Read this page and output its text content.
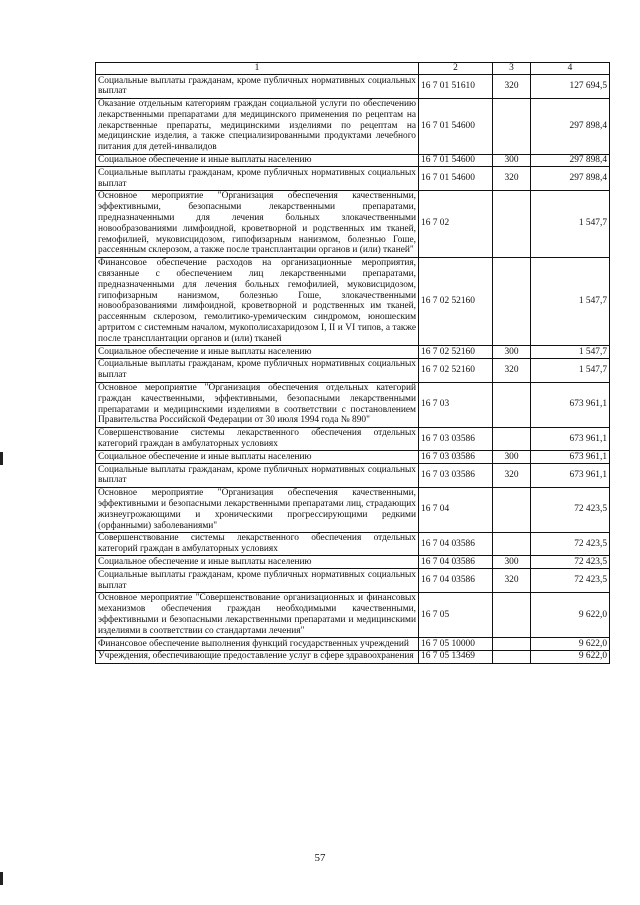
1	2	3	4
Социальные выплаты гражданам, кроме публичных нормативных социальных выплат	16 7 01 51610	320	127 694,5
Оказание отдельным категориям граждан социальной услуги по обеспечению лекарственными препаратами для медицинского применения по рецептам на лекарственные препараты, медицинскими изделиями по рецептам на медицинские изделия, а также специализированными продуктами лечебного питания для детей-инвалидов	16 7 01 54600		297 898,4
Социальное обеспечение и иные выплаты населению	16 7 01 54600	300	297 898,4
Социальные выплаты гражданам, кроме публичных нормативных социальных выплат	16 7 01 54600	320	297 898,4
Основное мероприятие "Организация обеспечения качественными, эффективными, безопасными лекарственными препаратами, предназначенными для лечения больных злокачественными новообразованиями лимфоидной, кроветворной и родственных им тканей, гемофилией, муковисцидозом, гипофизарным нанизмом, болезнью Гоше, рассеянным склерозом, а также после трансплантации органов и (или) тканей"	16 7 02		1 547,7
Финансовое обеспечение расходов на организационные мероприятия, связанные с обеспечением лиц лекарственными препаратами, предназначенными для лечения больных гемофилией, муковисцидозом, гипофизарным нанизмом, болезнью Гоше, злокачественными новообразованиями лимфоидной, кроветворной и родственных им тканей, рассеянным склерозом, гемолитико-уремическим синдромом, юношеским артритом с системным началом, мукополисахаридозом I, II и VI типов, а также после трансплантации органов и (или) тканей	16 7 02 52160		1 547,7
Социальное обеспечение и иные выплаты населению	16 7 02 52160	300	1 547,7
Социальные выплаты гражданам, кроме публичных нормативных социальных выплат	16 7 02 52160	320	1 547,7
Основное мероприятие "Организация обеспечения отдельных категорий граждан качественными, эффективными, безопасными лекарственными препаратами и медицинскими изделиями в соответствии с постановлением Правительства Российской Федерации от 30 июля 1994 года № 890"	16 7 03		673 961,1
Совершенствование системы лекарственного обеспечения отдельных категорий граждан в амбулаторных условиях	16 7 03 03586		673 961,1
Социальное обеспечение и иные выплаты населению	16 7 03 03586	300	673 961,1
Социальные выплаты гражданам, кроме публичных нормативных социальных выплат	16 7 03 03586	320	673 961,1
Основное мероприятие "Организация обеспечения качественными, эффективными и безопасными лекарственными препаратами лиц, страдающих жизнеугрожающими и хроническими прогрессирующими редкими (орфанными) заболеваниями"	16 7 04		72 423,5
Совершенствование системы лекарственного обеспечения отдельных категорий граждан в амбулаторных условиях	16 7 04 03586		72 423,5
Социальное обеспечение и иные выплаты населению	16 7 04 03586	300	72 423,5
Социальные выплаты гражданам, кроме публичных нормативных социальных выплат	16 7 04 03586	320	72 423,5
Основное мероприятие "Совершенствование организационных и финансовых механизмов обеспечения граждан необходимыми качественными, эффективными и безопасными лекарственными препаратами и медицинскими изделиями в соответствии со стандартами лечения"	16 7 05		9 622,0
Финансовое обеспечение выполнения функций государственных учреждений	16 7 05 10000		9 622,0
Учреждения, обеспечивающие предоставление услуг в сфере здравоохранения	16 7 05 13469		9 622,0
57
